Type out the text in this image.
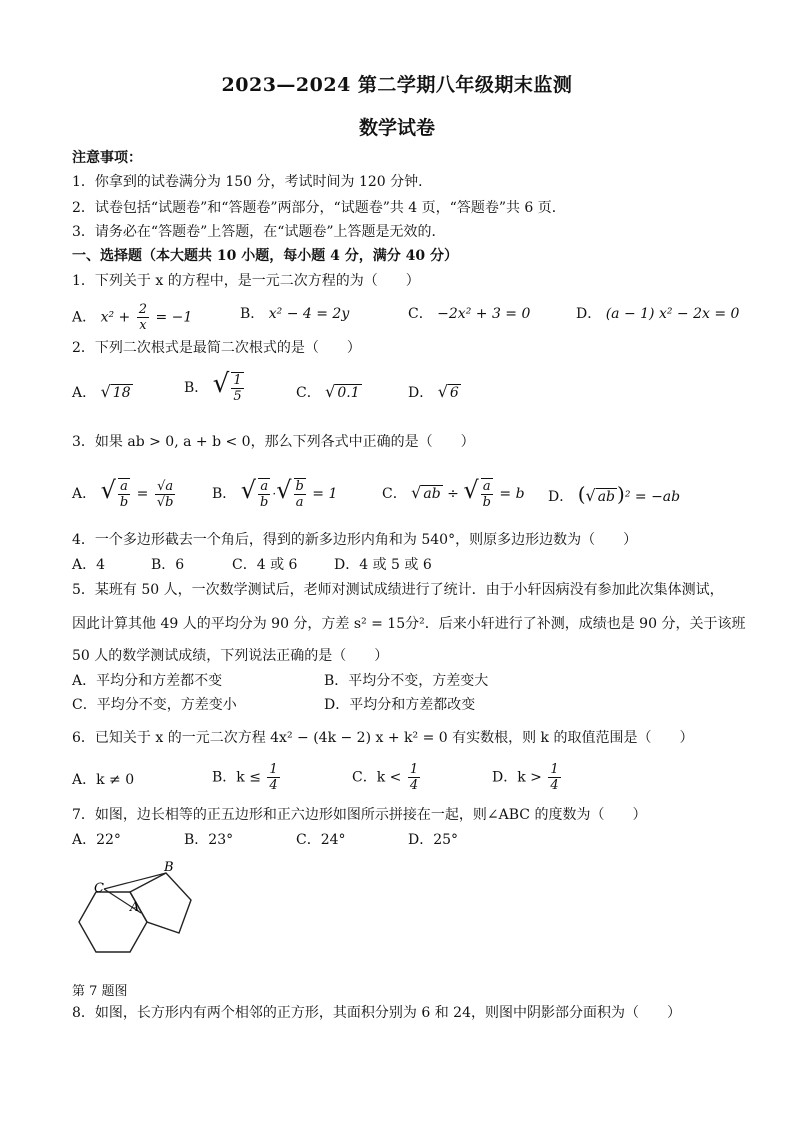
2023—2024 第二学期八年级期末监测
数学试卷
注意事项：
1．你拿到的试卷满分为 150 分，考试时间为 120 分钟．
2．试卷包括“试题卷”和“答题卷”两部分，“试题卷”共 4 页，“答题卷”共 6 页．
3．请务必在“答题卷”上答题，在“试题卷”上答题是无效的．
一、选择题（本大题共 10 小题，每小题 4 分，满分 40 分）
1．下列关于 x 的方程中，是一元二次方程的为（　　）
A． $x^2 + \frac{2}{x} = -1$	B． x² − 4 = 2y	C． −2x² + 3 = 0	D． (a − 1) x² − 2x = 0
2．下列二次根式是最简二次根式的是（　　）
A． √ 18	B． √ $\frac{1}{5}$	C． √ 0.1	D． √ 6
3．如果 ab > 0, a + b < 0，那么下列各式中正确的是（　　）
A． √ $\frac{a}{b} = \frac{√a}{√b}$	B． √ $\frac{a}{b}$ ·√ $\frac{b}{a} = 1$	C． √ ab ÷ √ $\frac{a}{b} = b$ D． (√ ab )² = −ab
4．一个多边形截去一个角后，得到的新多边形内角和为 540°，则原多边形边数为（　　）
A．4	B．6	C．4 或 6	D．4 或 5 或 6
5．某班有 50 人，一次数学测试后，老师对测试成绩进行了统计．由于小轩因病没有参加此次集体测试，
因此计算其他 49 人的平均分为 90 分，方差 s² = 15分²．后来小轩进行了补测，成绩也是 90 分，关于该班
50 人的数学测试成绩，下列说法正确的是（　　）
A．平均分和方差都不变	B．平均分不变，方差变大
C．平均分不变，方差变小	D．平均分和方差都改变
6．已知关于 x 的一元二次方程 4x² − (4k − 2) x + k² = 0 有实数根，则 k 的取值范围是（　　）
A．k ≠ 0	B．$k \le \frac{1}{4}$	C．$k < \frac{1}{4}$	D．$k > \frac{1}{4}$
7．如图，边长相等的正五边形和正六边形如图所示拼接在一起，则∠ABC 的度数为（　　）
A．22°	B．23°	C．24°	D．25°
C
B
A
第 7 题图
8．如图，长方形内有两个相邻的正方形，其面积分别为 6 和 24，则图中阴影部分面积为（　　）
